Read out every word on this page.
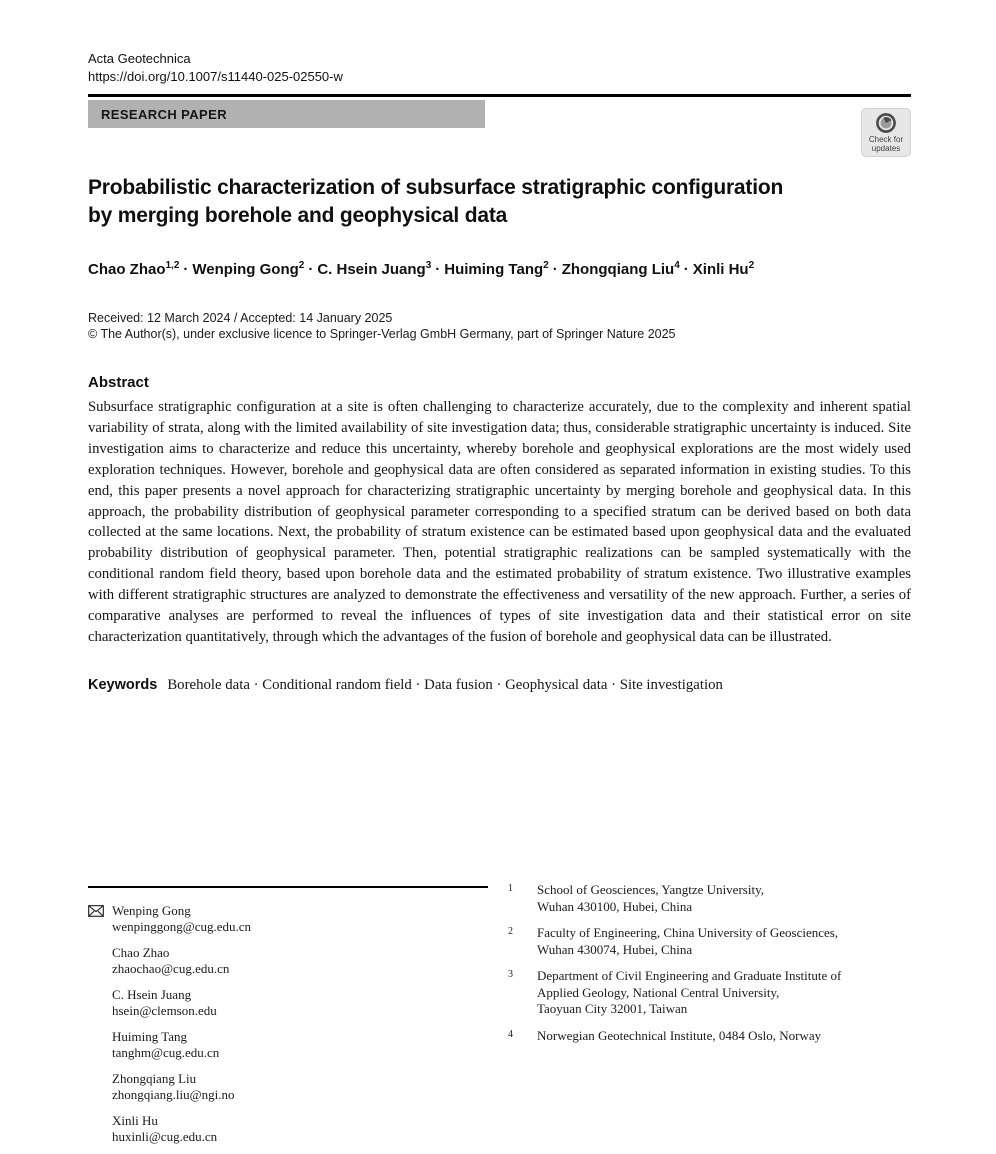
Acta Geotechnica
https://doi.org/10.1007/s11440-025-02550-w
RESEARCH PAPER
Check for
updates
Probabilistic characterization of subsurface stratigraphic configuration
by merging borehole and geophysical data
Chao Zhao$^{1,2}$ · Wenping Gong$^2$ · C. Hsein Juang$^3$ · Huiming Tang$^2$ · Zhongqiang Liu$^4$ · Xinli Hu$^2$
Received: 12 March 2024 / Accepted: 14 January 2025
© The Author(s), under exclusive licence to Springer-Verlag GmbH Germany, part of Springer Nature 2025
Abstract
Subsurface stratigraphic configuration at a site is often challenging to characterize accurately, due to the complexity and inherent spatial variability of strata, along with the limited availability of site investigation data; thus, considerable stratigraphic uncertainty is induced. Site investigation aims to characterize and reduce this uncertainty, whereby borehole and geophysical explorations are the most widely used exploration techniques. However, borehole and geophysical data are often considered as separated information in existing studies. To this end, this paper presents a novel approach for characterizing stratigraphic uncertainty by merging borehole and geophysical data. In this approach, the probability distribution of geophysical parameter corresponding to a specified stratum can be derived based on both data collected at the same locations. Next, the probability of stratum existence can be estimated based upon geophysical data and the evaluated probability distribution of geophysical parameter. Then, potential stratigraphic realizations can be sampled systematically with the conditional random field theory, based upon borehole data and the estimated probability of stratum existence. Two illustrative examples with different stratigraphic structures are analyzed to demonstrate the effectiveness and versatility of the new approach. Further, a series of comparative analyses are performed to reveal the influences of types of site investigation data and their statistical error on site characterization quantitatively, through which the advantages of the fusion of borehole and geophysical data can be illustrated.
Keywords Borehole data · Conditional random field · Data fusion · Geophysical data · Site investigation
Wenping Gong
wenpinggong@cug.edu.cn
Chao Zhao
zhaochao@cug.edu.cn
C. Hsein Juang
hsein@clemson.edu
Huiming Tang
tanghm@cug.edu.cn
Zhongqiang Liu
zhongqiang.liu@ngi.no
Xinli Hu
huxinli@cug.edu.cn
1	School of Geosciences, Yangtze University,
Wuhan 430100, Hubei, China
2	Faculty of Engineering, China University of Geosciences,
Wuhan 430074, Hubei, China
3	Department of Civil Engineering and Graduate Institute of
Applied Geology, National Central University,
Taoyuan City 32001, Taiwan
4	Norwegian Geotechnical Institute, 0484 Oslo, Norway
